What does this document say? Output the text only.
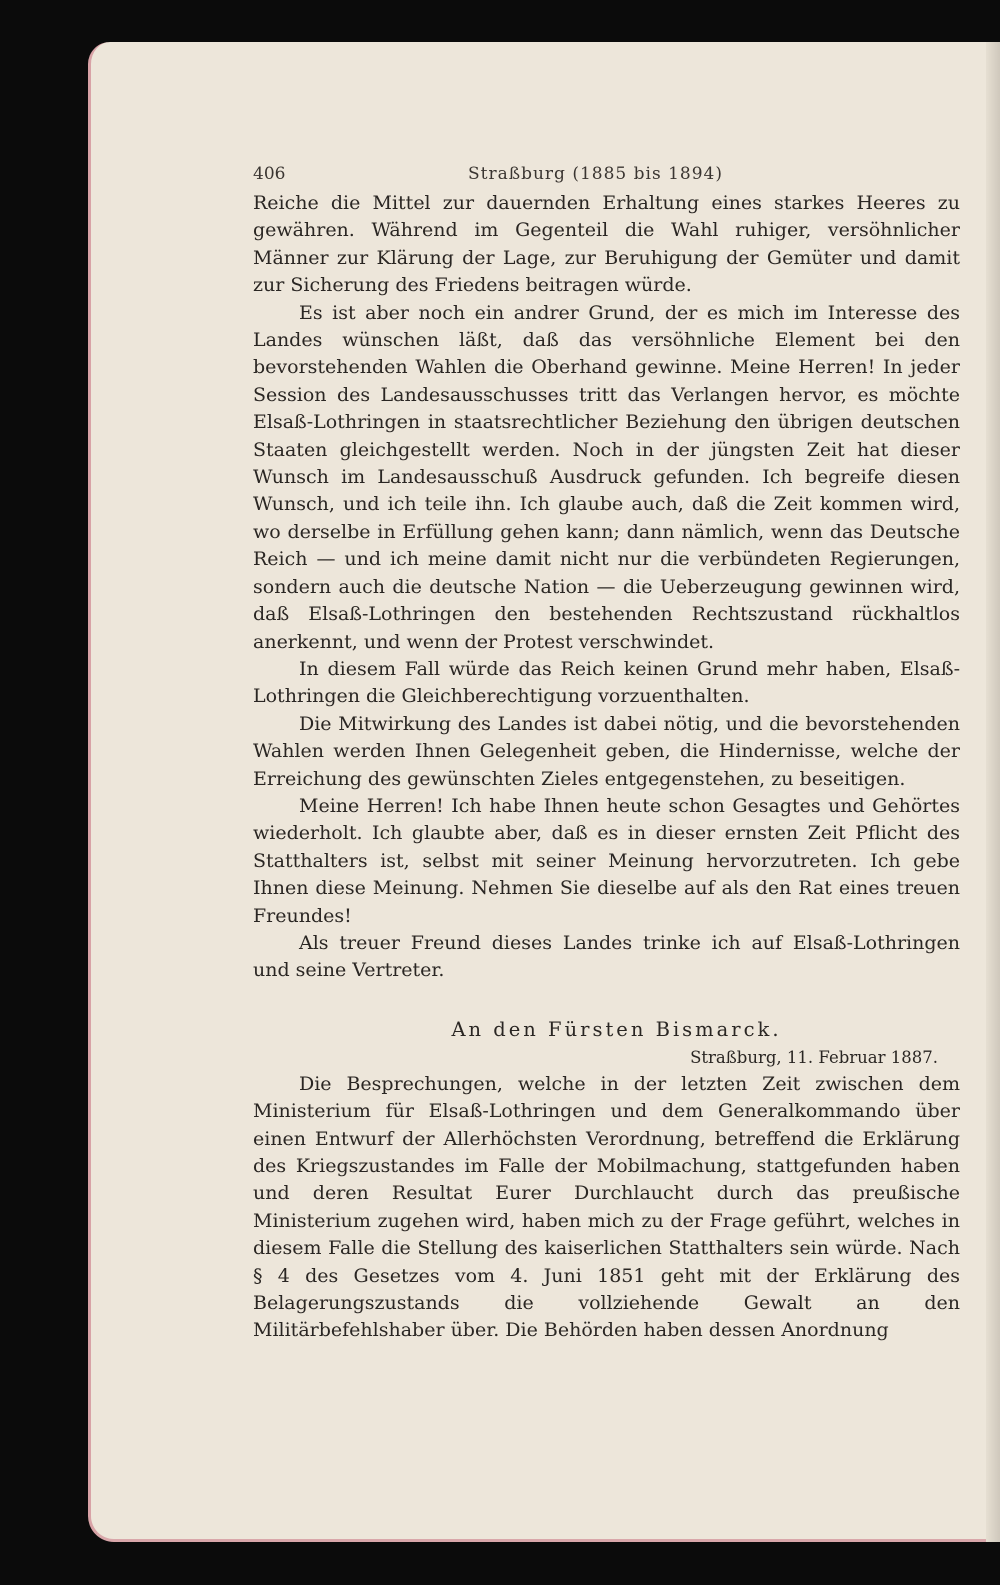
406	Straßburg (1885 bis 1894)

Reiche die Mittel zur dauernden Erhaltung eines starkes Heeres zu gewähren. Während im Gegenteil die Wahl ruhiger, versöhnlicher Männer zur Klärung der Lage, zur Beruhigung der Gemüter und damit zur Sicherung des Friedens beitragen würde.

Es ist aber noch ein andrer Grund, der es mich im Interesse des Landes wünschen läßt, daß das versöhnliche Element bei den bevorstehenden Wahlen die Oberhand gewinne. Meine Herren! In jeder Session des Landesausschusses tritt das Verlangen hervor, es möchte Elsaß-Lothringen in staatsrechtlicher Beziehung den übrigen deutschen Staaten gleichgestellt werden. Noch in der jüngsten Zeit hat dieser Wunsch im Landesausschuß Ausdruck gefunden. Ich begreife diesen Wunsch, und ich teile ihn. Ich glaube auch, daß die Zeit kommen wird, wo derselbe in Erfüllung gehen kann; dann nämlich, wenn das Deutsche Reich — und ich meine damit nicht nur die verbündeten Regierungen, sondern auch die deutsche Nation — die Ueberzeugung gewinnen wird, daß Elsaß-Lothringen den bestehenden Rechtszustand rückhaltlos anerkennt, und wenn der Protest verschwindet.

In diesem Fall würde das Reich keinen Grund mehr haben, Elsaß-Lothringen die Gleichberechtigung vorzuenthalten.

Die Mitwirkung des Landes ist dabei nötig, und die bevorstehenden Wahlen werden Ihnen Gelegenheit geben, die Hindernisse, welche der Erreichung des gewünschten Zieles entgegenstehen, zu beseitigen.

Meine Herren! Ich habe Ihnen heute schon Gesagtes und Gehörtes wiederholt. Ich glaubte aber, daß es in dieser ernsten Zeit Pflicht des Statthalters ist, selbst mit seiner Meinung hervorzutreten. Ich gebe Ihnen diese Meinung. Nehmen Sie dieselbe auf als den Rat eines treuen Freundes!

Als treuer Freund dieses Landes trinke ich auf Elsaß-Lothringen und seine Vertreter.

An den Fürsten Bismarck.
Straßburg, 11. Februar 1887.

Die Besprechungen, welche in der letzten Zeit zwischen dem Ministerium für Elsaß-Lothringen und dem Generalkommando über einen Entwurf der Allerhöchsten Verordnung, betreffend die Erklärung des Kriegszustandes im Falle der Mobilmachung, stattgefunden haben und deren Resultat Eurer Durchlaucht durch das preußische Ministerium zugehen wird, haben mich zu der Frage geführt, welches in diesem Falle die Stellung des kaiserlichen Statthalters sein würde. Nach § 4 des Gesetzes vom 4. Juni 1851 geht mit der Erklärung des Belagerungszustands die vollziehende Gewalt an den Militärbefehlshaber über. Die Behörden haben dessen Anordnung
